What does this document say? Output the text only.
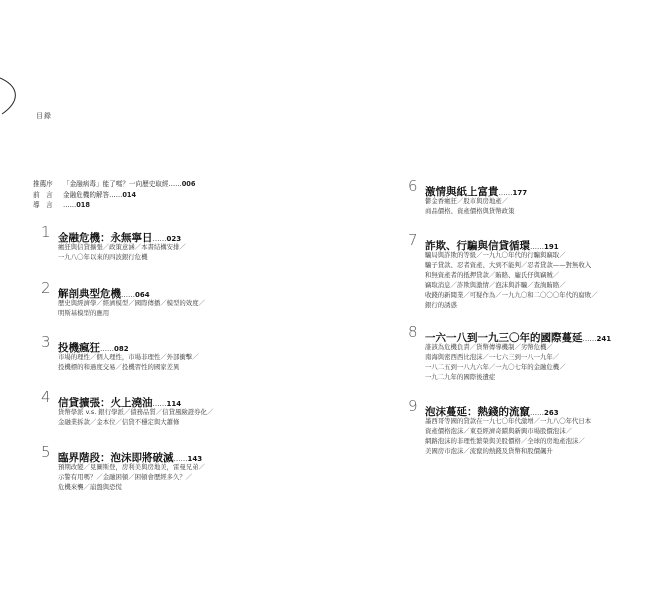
目錄
推薦序 「金融病毒」能了嗎？一向歷史取經……006
前　言 金融危機的解答……014
導　言 ……018
1 金融危機：永無寧日……023
瘋狂與信貸擴張／政策意涵／本書結構安排／
一九八〇年以來的四波銀行危機
2 解剖典型危機……064
歷史與經濟學／經濟模型／國際傳播／模型的效度／
明斯基模型的應用
3 投機瘋狂……082
市場的理性／個人理性，市場非理性／外部衝擊／
投機標的和過度交易／投機習性的國家差異
4 信貸擴張：火上澆油……114
貨幣學派 v.s. 銀行學派／債務品質／信貸風險證券化／
金融業拆款／金本位／信貸不穩定與大蕭條
5 臨界階段：泡沫即將破滅……143
預期改變／見圖斯登，房利美與房地美，雷曼兄弟／
示警有用嗎？／金融困頓／困頓會歷經多久？／
危機來襲／崩盤與恐慌
6 激情與紙上富貴……177
鬱金香瘋狂／股市與房地產／
商品價格、資產價格與貨幣政策
7 詐欺、行騙與信貸循環……191
騙局與詐欺的等級／一九九〇年代的行騙與竊取／
騙子貸款、忍者資產、大到不能判／忍者貸款——對無收入
和無資產者的抵押貸款／賄賂、龐氏仔與竊賊／
竊取消息／詐欺與激情／泡沫與詐騙／查詢賄賂／
收錢的新聞業／可疑作為／一九九〇和二〇〇〇年代的腐敗／
銀行的誘惑
8 一六一八到一九三〇年的國際蔓延……241
誰該為危機負責／貨幣傳導機制／劣幣危機／
南海與密西西比泡沫／一七六三到一八一九年／
一八二五到一八九六年／一九〇七年的金融危機／
一九二九年的國際後遺症
9 泡沫蔓延：熱錢的流竄……263
墨西哥等國的貸款在一九七〇年代激增／一九八〇年代日本
資產價格泡沫／東亞經濟奇蹟與新興市場股價泡沫／
網路泡沫的非理性繁榮與美股價格／全球的房地產泡沫／
美國房市泡沫／流竄的熱錢及貨幣和股價飆升
